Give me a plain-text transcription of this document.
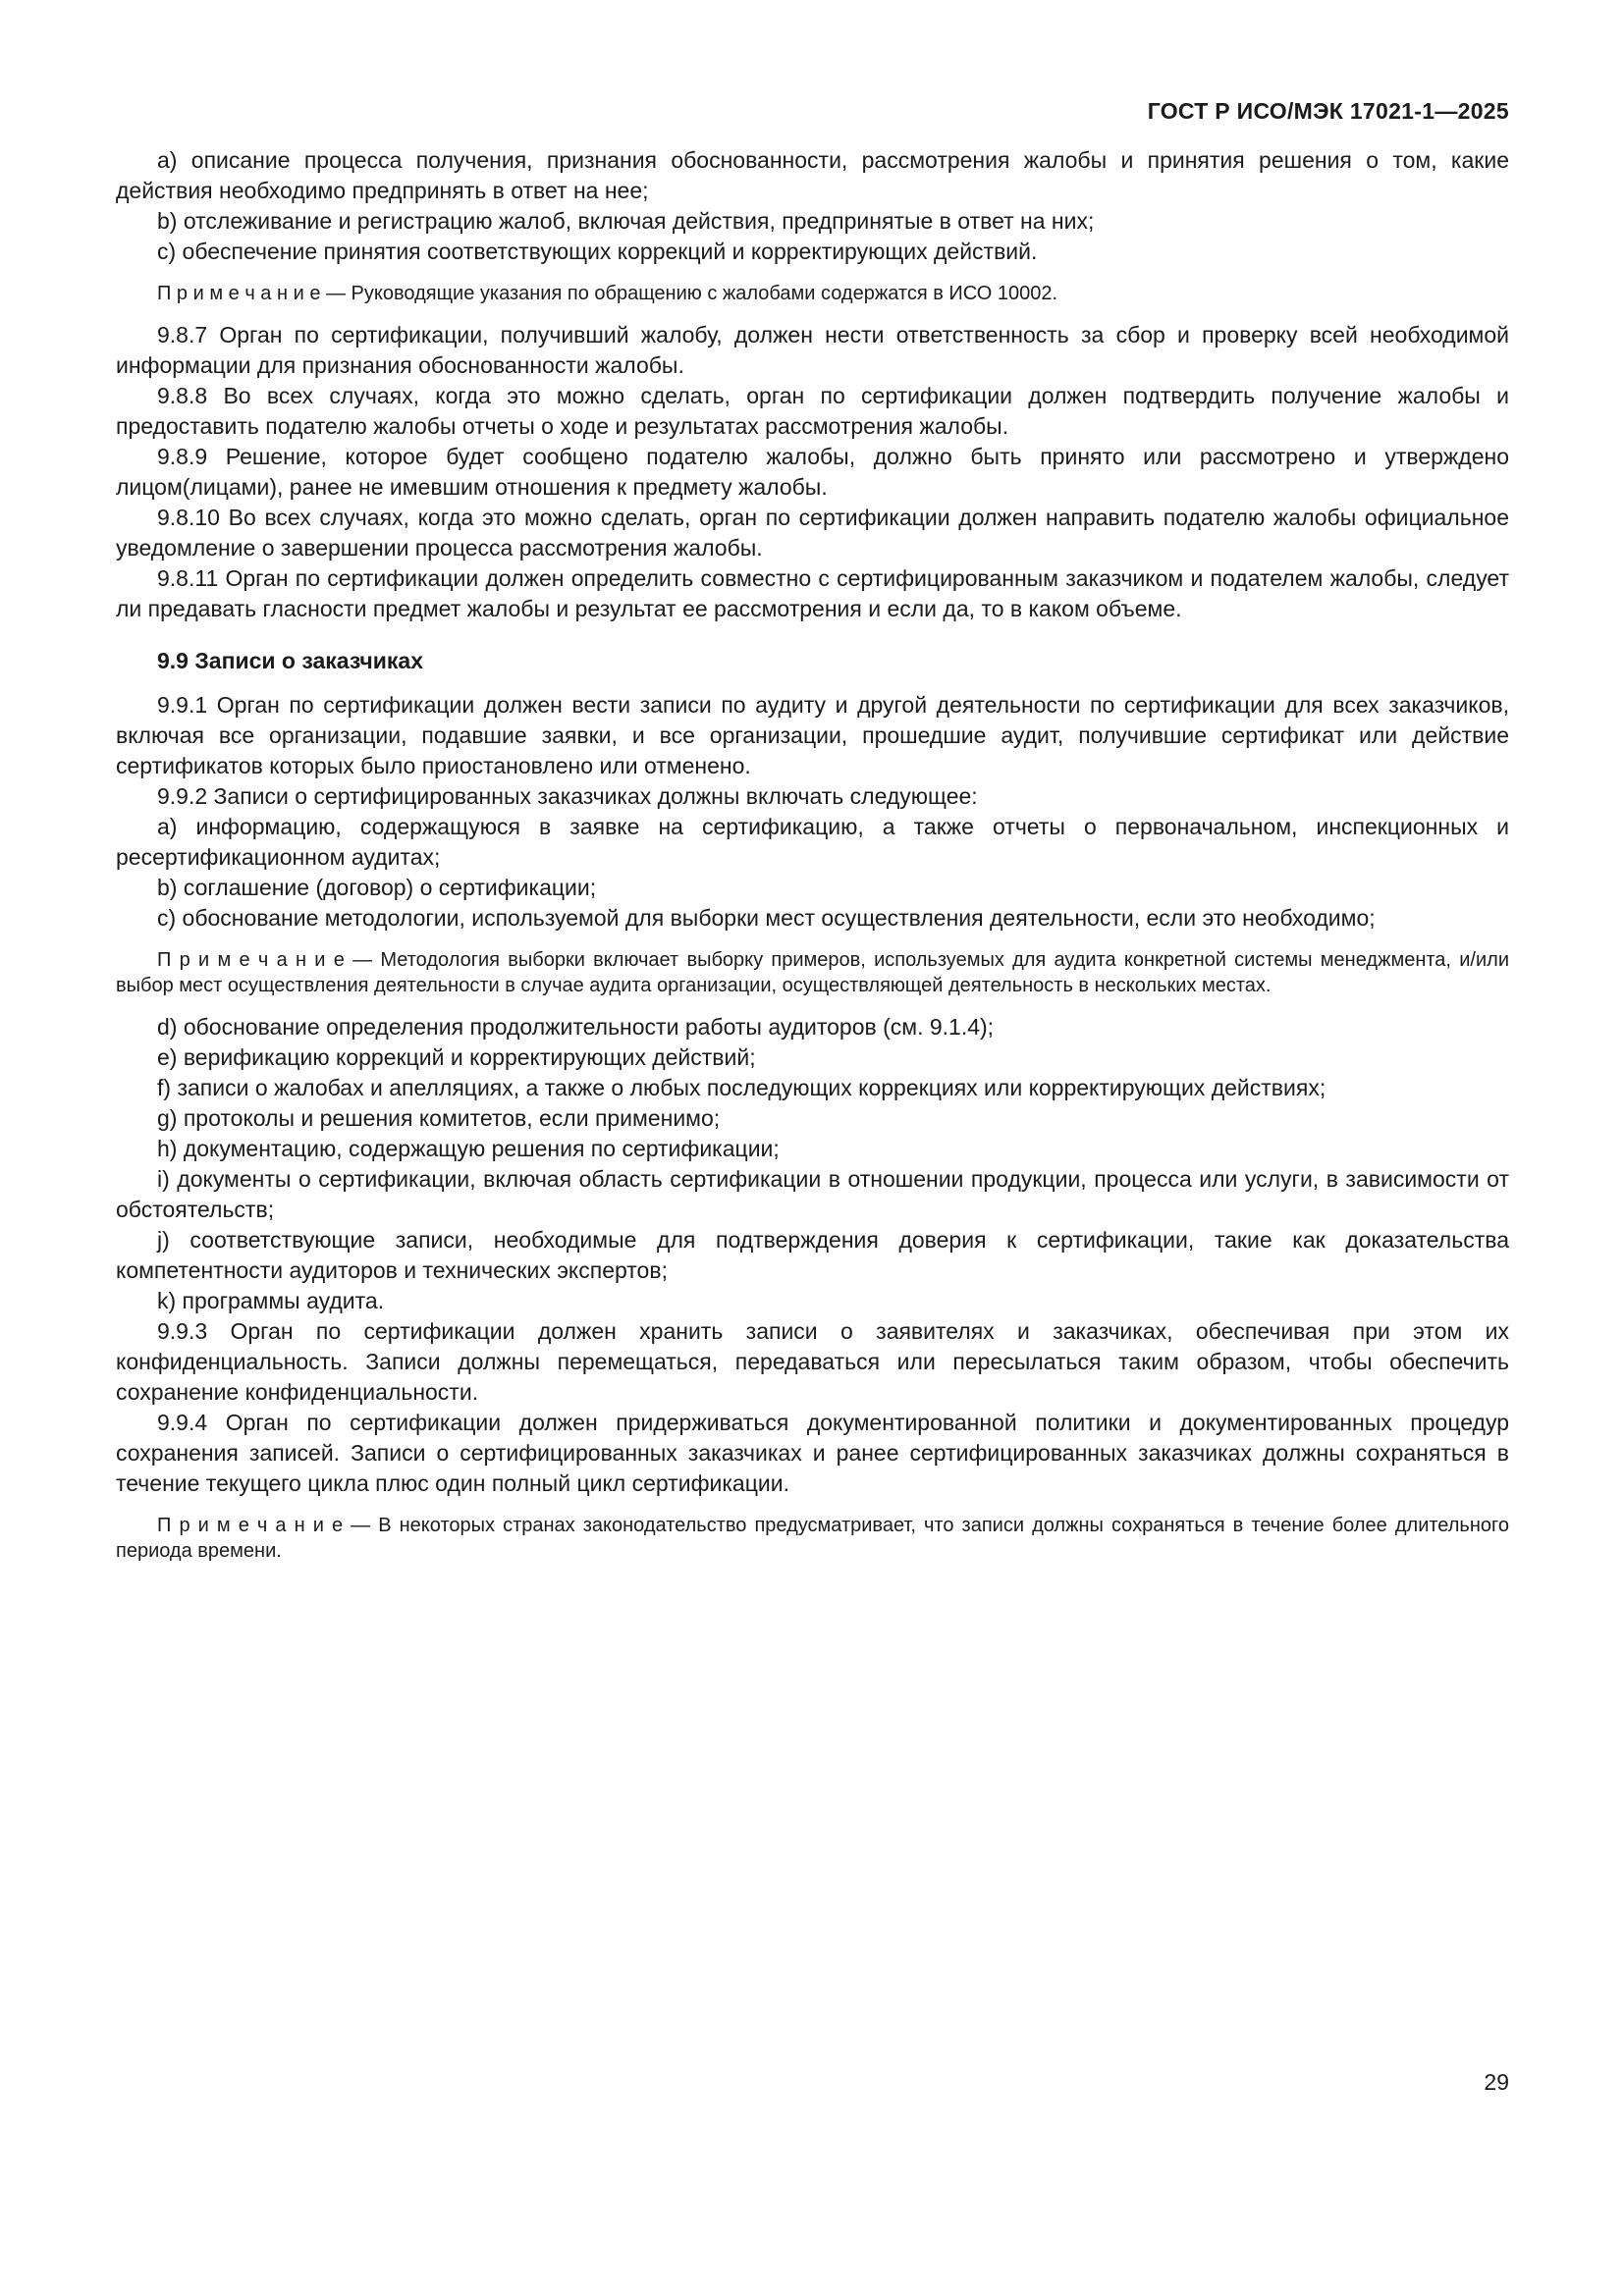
ГОСТ Р ИСО/МЭК 17021-1—2025

a) описание процесса получения, признания обоснованности, рассмотрения жалобы и принятия решения о том, какие действия необходимо предпринять в ответ на нее;

b) отслеживание и регистрацию жалоб, включая действия, предпринятые в ответ на них;

c) обеспечение принятия соответствующих коррекций и корректирующих действий.

П р и м е ч а н и е — Руководящие указания по обращению с жалобами содержатся в ИСО 10002.

9.8.7 Орган по сертификации, получивший жалобу, должен нести ответственность за сбор и проверку всей необходимой информации для признания обоснованности жалобы.

9.8.8 Во всех случаях, когда это можно сделать, орган по сертификации должен подтвердить получение жалобы и предоставить подателю жалобы отчеты о ходе и результатах рассмотрения жалобы.

9.8.9 Решение, которое будет сообщено подателю жалобы, должно быть принято или рассмотрено и утверждено лицом(лицами), ранее не имевшим отношения к предмету жалобы.

9.8.10 Во всех случаях, когда это можно сделать, орган по сертификации должен направить подателю жалобы официальное уведомление о завершении процесса рассмотрения жалобы.

9.8.11 Орган по сертификации должен определить совместно с сертифицированным заказчиком и подателем жалобы, следует ли предавать гласности предмет жалобы и результат ее рассмотрения и если да, то в каком объеме.

9.9 Записи о заказчиках

9.9.1 Орган по сертификации должен вести записи по аудиту и другой деятельности по сертификации для всех заказчиков, включая все организации, подавшие заявки, и все организации, прошедшие аудит, получившие сертификат или действие сертификатов которых было приостановлено или отменено.

9.9.2 Записи о сертифицированных заказчиках должны включать следующее:

a) информацию, содержащуюся в заявке на сертификацию, а также отчеты о первоначальном, инспекционных и ресертификационном аудитах;

b) соглашение (договор) о сертификации;

c) обоснование методологии, используемой для выборки мест осуществления деятельности, если это необходимо;

П р и м е ч а н и е — Методология выборки включает выборку примеров, используемых для аудита конкретной системы менеджмента, и/или выбор мест осуществления деятельности в случае аудита организации, осуществляющей деятельность в нескольких местах.

d) обоснование определения продолжительности работы аудиторов (см. 9.1.4);

e) верификацию коррекций и корректирующих действий;

f) записи о жалобах и апелляциях, а также о любых последующих коррекциях или корректирующих действиях;

g) протоколы и решения комитетов, если применимо;

h) документацию, содержащую решения по сертификации;

i) документы о сертификации, включая область сертификации в отношении продукции, процесса или услуги, в зависимости от обстоятельств;

j) соответствующие записи, необходимые для подтверждения доверия к сертификации, такие как доказательства компетентности аудиторов и технических экспертов;

k) программы аудита.

9.9.3 Орган по сертификации должен хранить записи о заявителях и заказчиках, обеспечивая при этом их конфиденциальность. Записи должны перемещаться, передаваться или пересылаться таким образом, чтобы обеспечить сохранение конфиденциальности.

9.9.4 Орган по сертификации должен придерживаться документированной политики и документированных процедур сохранения записей. Записи о сертифицированных заказчиках и ранее сертифицированных заказчиках должны сохраняться в течение текущего цикла плюс один полный цикл сертификации.

П р и м е ч а н и е — В некоторых странах законодательство предусматривает, что записи должны сохраняться в течение более длительного периода времени.

29
